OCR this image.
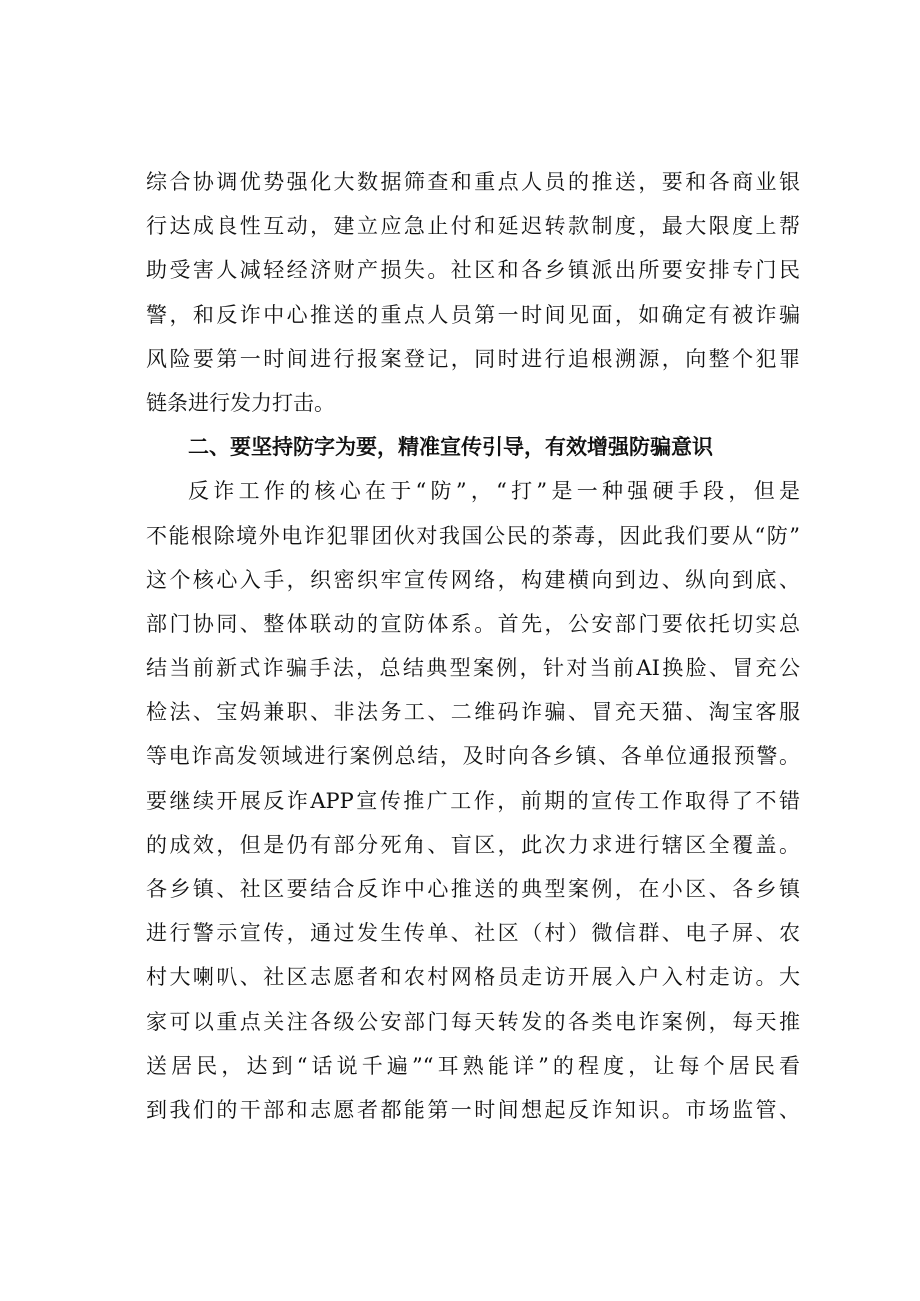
综合协调优势强化大数据筛查和重点人员的推送，要和各商业银
行达成良性互动，建立应急止付和延迟转款制度，最大限度上帮
助受害人减轻经济财产损失。社区和各乡镇派出所要安排专门民
警，和反诈中心推送的重点人员第一时间见面，如确定有被诈骗
风险要第一时间进行报案登记，同时进行追根溯源，向整个犯罪
链条进行发力打击。
二、要坚持防字为要，精准宣传引导，有效增强防骗意识
反诈工作的核心在于“防”，“打”是一种强硬手段，但是
不能根除境外电诈犯罪团伙对我国公民的荼毒，因此我们要从“防”
这个核心入手，织密织牢宣传网络，构建横向到边、纵向到底、
部门协同、整体联动的宣防体系。首先，公安部门要依托切实总
结当前新式诈骗手法，总结典型案例，针对当前AI换脸、冒充公
检法、宝妈兼职、非法务工、二维码诈骗、冒充天猫、淘宝客服
等电诈高发领域进行案例总结，及时向各乡镇、各单位通报预警。
要继续开展反诈APP宣传推广工作，前期的宣传工作取得了不错
的成效，但是仍有部分死角、盲区，此次力求进行辖区全覆盖。
各乡镇、社区要结合反诈中心推送的典型案例，在小区、各乡镇
进行警示宣传，通过发生传单、社区（村）微信群、电子屏、农
村大喇叭、社区志愿者和农村网格员走访开展入户入村走访。大
家可以重点关注各级公安部门每天转发的各类电诈案例，每天推
送居民，达到“话说千遍”“耳熟能详”的程度，让每个居民看
到我们的干部和志愿者都能第一时间想起反诈知识。市场监管、
